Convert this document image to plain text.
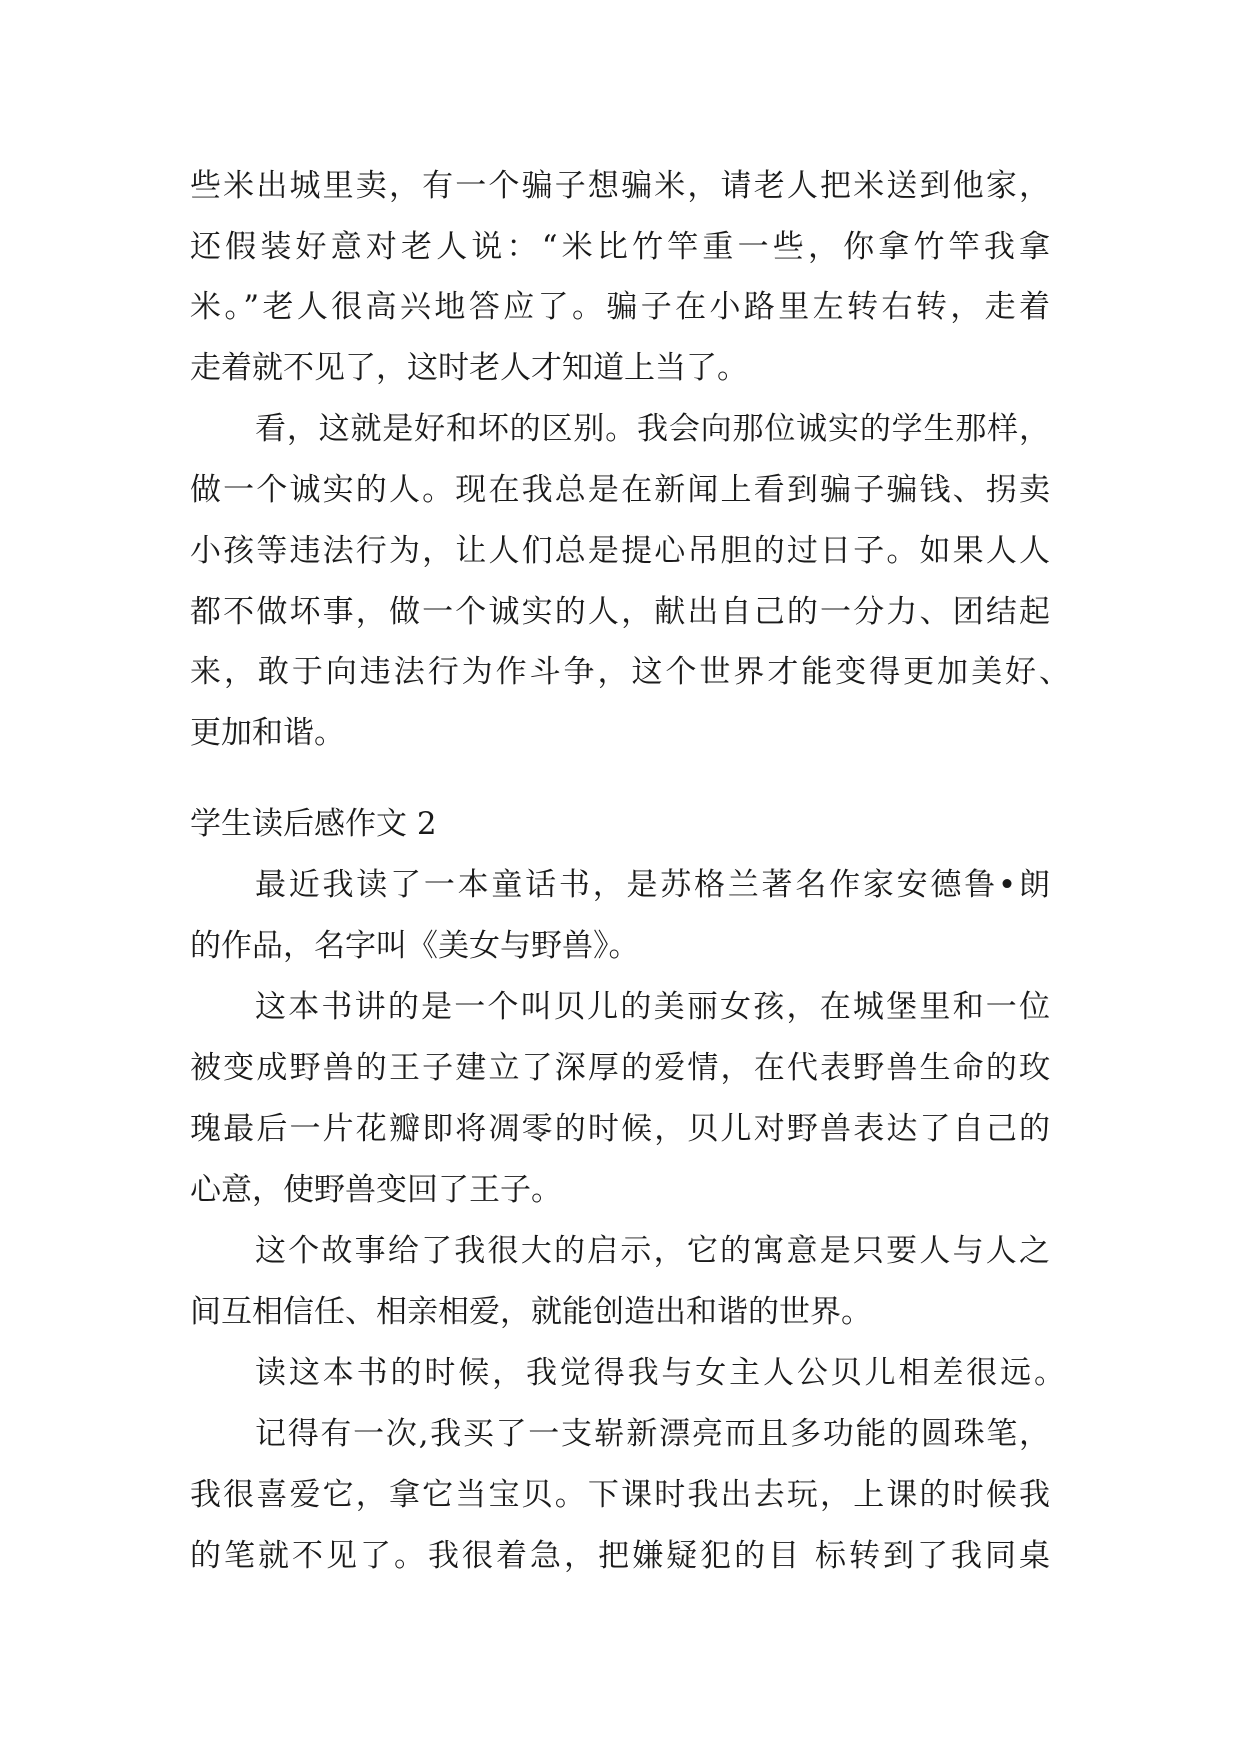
些米出城里卖，有一个骗子想骗米，请老人把米送到他家，
还假装好意对老人说：“米比竹竿重一些，你拿竹竿我拿
米。”老人很高兴地答应了。骗子在小路里左转右转，走着
走着就不见了，这时老人才知道上当了。
看，这就是好和坏的区别。我会向那位诚实的学生那样，
做一个诚实的人。现在我总是在新闻上看到骗子骗钱、拐卖
小孩等违法行为，让人们总是提心吊胆的过日子。如果人人
都不做坏事，做一个诚实的人，献出自己的一分力、团结起
来，敢于向违法行为作斗争，这个世界才能变得更加美好、
更加和谐。
学生读后感作文 2
最近我读了一本童话书，是苏格兰著名作家安德鲁•朗
的作品，名字叫《美女与野兽》。
这本书讲的是一个叫贝儿的美丽女孩，在城堡里和一位
被变成野兽的王子建立了深厚的爱情，在代表野兽生命的玫
瑰最后一片花瓣即将凋零的时候，贝儿对野兽表达了自己的
心意，使野兽变回了王子。
这个故事给了我很大的启示，它的寓意是只要人与人之
间互相信任、相亲相爱，就能创造出和谐的世界。
读这本书的时候，我觉得我与女主人公贝儿相差很远。
记得有一次,我买了一支崭新漂亮而且多功能的圆珠笔，
我很喜爱它，拿它当宝贝。下课时我出去玩，上课的时候我
的笔就不见了。我很着急，把嫌疑犯的目 标转到了我同桌
